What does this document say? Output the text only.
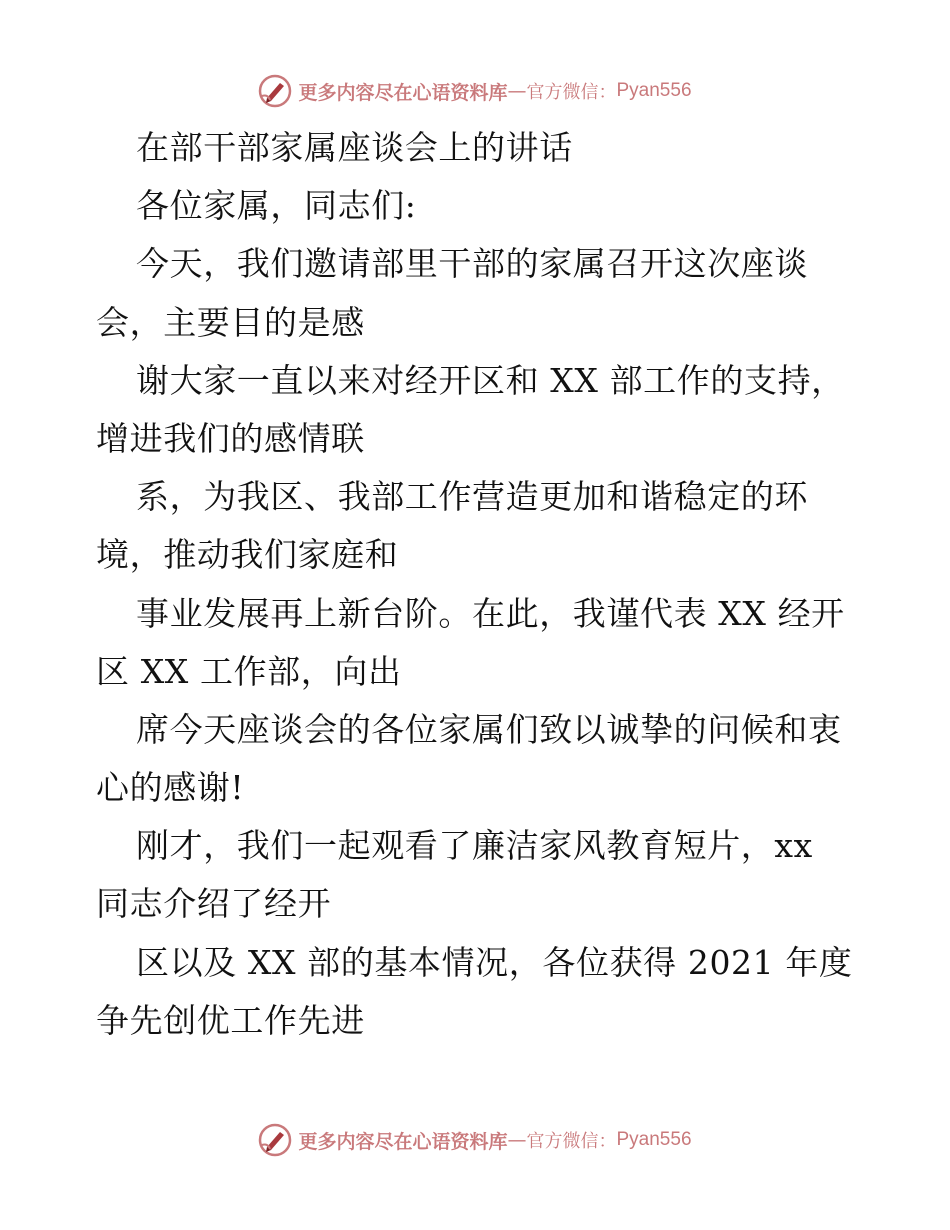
更多内容尽在心语资料库 — 官方微信： Pyan556
在部干部家属座谈会上的讲话
各位家属，同志们:
今天，我们邀请部里干部的家属召开这次座谈
会，主要目的是感
谢大家一直以来对经开区和 XX 部工作的支持，
增进我们的感情联
系，为我区、我部工作营造更加和谐稳定的环
境，推动我们家庭和
事业发展再上新台阶。在此，我谨代表 XX 经开
区 XX 工作部，向出
席今天座谈会的各位家属们致以诚挚的问候和衷
心的感谢!
刚才，我们一起观看了廉洁家风教育短片，xx
同志介绍了经开
区以及 XX 部的基本情况，各位获得 2021 年度
争先创优工作先进
更多内容尽在心语资料库 — 官方微信： Pyan556
